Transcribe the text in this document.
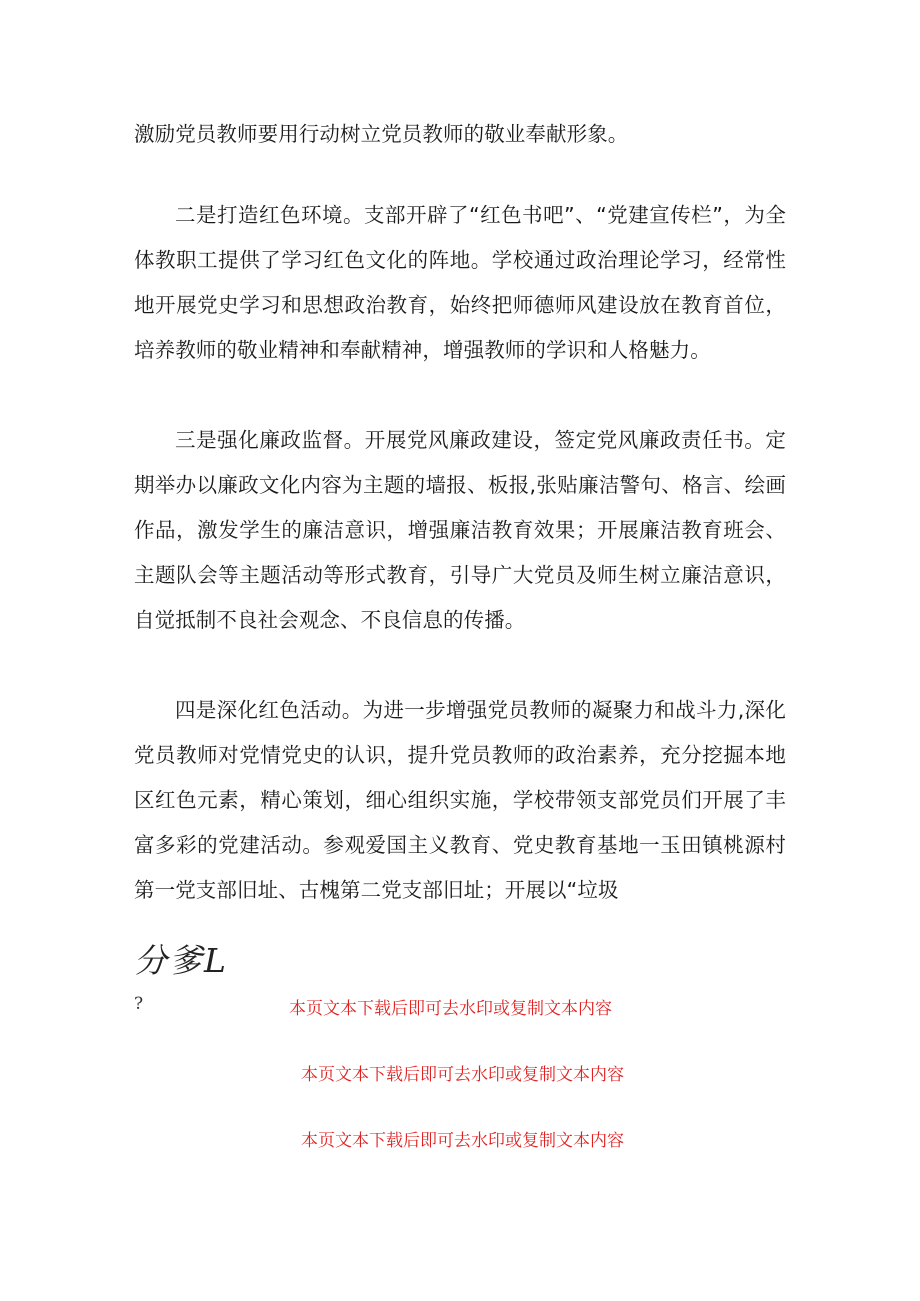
激励党员教师要用行动树立党员教师的敬业奉献形象。

二是打造红色环境。支部开辟了“红色书吧”、“党建宣传栏”，为全体教职工提供了学习红色文化的阵地。学校通过政治理论学习，经常性地开展党史学习和思想政治教育，始终把师德师风建设放在教育首位，培养教师的敬业精神和奉献精神，增强教师的学识和人格魅力。

三是强化廉政监督。开展党风廉政建设，签定党风廉政责任书。定期举办以廉政文化内容为主题的墙报、板报,张贴廉洁警句、格言、绘画作品，激发学生的廉洁意识，增强廉洁教育效果；开展廉洁教育班会、主题队会等主题活动等形式教育，引导广大党员及师生树立廉洁意识，自觉抵制不良社会观念、不良信息的传播。

四是深化红色活动。为进一步增强党员教师的凝聚力和战斗力,深化党员教师对党情党史的认识，提升党员教师的政治素养，充分挖掘本地区红色元素，精心策划，细心组织实施，学校带领支部党员们开展了丰富多彩的党建活动。参观爱国主义教育、党史教育基地一玉田镇桃源村第一党支部旧址、古槐第二党支部旧址；开展以“垃圾

分爹L
?	本页文本下载后即可去水印或复制文本内容
本页文本下载后即可去水印或复制文本内容
本页文本下载后即可去水印或复制文本内容
